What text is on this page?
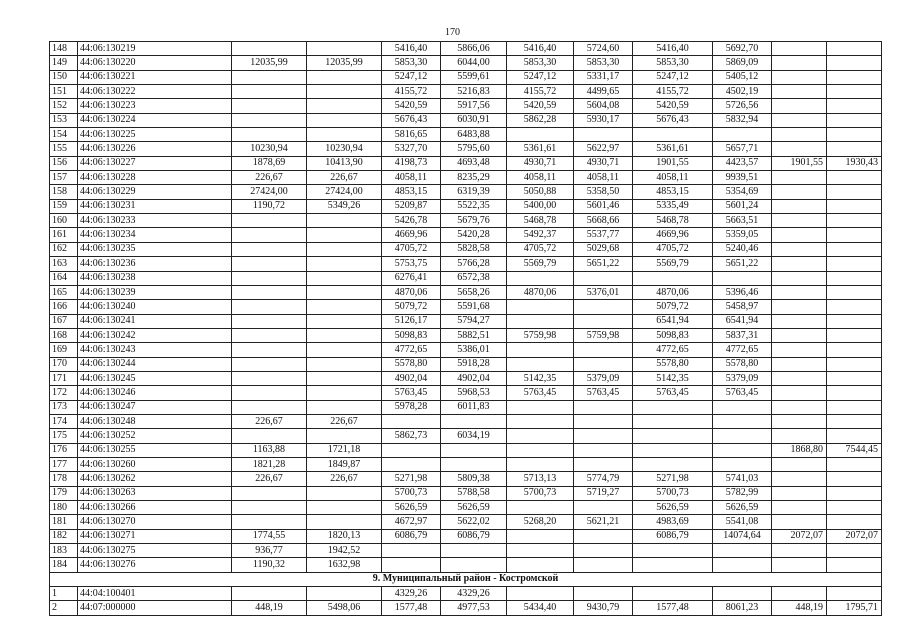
170
148	44:06:130219			5416,40	5866,06	5416,40	5724,60	5416,40	5692,70		
149	44:06:130220	12035,99	12035,99	5853,30	6044,00	5853,30	5853,30	5853,30	5869,09		
150	44:06:130221			5247,12	5599,61	5247,12	5331,17	5247,12	5405,12		
151	44:06:130222			4155,72	5216,83	4155,72	4499,65	4155,72	4502,19		
152	44:06:130223			5420,59	5917,56	5420,59	5604,08	5420,59	5726,56		
153	44:06:130224			5676,43	6030,91	5862,28	5930,17	5676,43	5832,94		
154	44:06:130225			5816,65	6483,88						
155	44:06:130226	10230,94	10230,94	5327,70	5795,60	5361,61	5622,97	5361,61	5657,71		
156	44:06:130227	1878,69	10413,90	4198,73	4693,48	4930,71	4930,71	1901,55	4423,57	1901,55	1930,43
157	44:06:130228	226,67	226,67	4058,11	8235,29	4058,11	4058,11	4058,11	9939,51		
158	44:06:130229	27424,00	27424,00	4853,15	6319,39	5050,88	5358,50	4853,15	5354,69		
159	44:06:130231	1190,72	5349,26	5209,87	5522,35	5400,00	5601,46	5335,49	5601,24		
160	44:06:130233			5426,78	5679,76	5468,78	5668,66	5468,78	5663,51		
161	44:06:130234			4669,96	5420,28	5492,37	5537,77	4669,96	5359,05		
162	44:06:130235			4705,72	5828,58	4705,72	5029,68	4705,72	5240,46		
163	44:06:130236			5753,75	5766,28	5569,79	5651,22	5569,79	5651,22		
164	44:06:130238			6276,41	6572,38						
165	44:06:130239			4870,06	5658,26	4870,06	5376,01	4870,06	5396,46		
166	44:06:130240			5079,72	5591,68			5079,72	5458,97		
167	44:06:130241			5126,17	5794,27			6541,94	6541,94		
168	44:06:130242			5098,83	5882,51	5759,98	5759,98	5098,83	5837,31		
169	44:06:130243			4772,65	5386,01			4772,65	4772,65		
170	44:06:130244			5578,80	5918,28			5578,80	5578,80		
171	44:06:130245			4902,04	4902,04	5142,35	5379,09	5142,35	5379,09		
172	44:06:130246			5763,45	5968,53	5763,45	5763,45	5763,45	5763,45		
173	44:06:130247			5978,28	6011,83						
174	44:06:130248	226,67	226,67								
175	44:06:130252			5862,73	6034,19						
176	44:06:130255	1163,88	1721,18							1868,80	7544,45
177	44:06:130260	1821,28	1849,87								
178	44:06:130262	226,67	226,67	5271,98	5809,38	5713,13	5774,79	5271,98	5741,03		
179	44:06:130263			5700,73	5788,58	5700,73	5719,27	5700,73	5782,99		
180	44:06:130266			5626,59	5626,59			5626,59	5626,59		
181	44:06:130270			4672,97	5622,02	5268,20	5621,21	4983,69	5541,08		
182	44:06:130271	1774,55	1820,13	6086,79	6086,79			6086,79	14074,64	2072,07	2072,07
183	44:06:130275	936,77	1942,52								
184	44:06:130276	1190,32	1632,98								
9. Муниципальный район - Костромской											
1	44:04:100401			4329,26	4329,26						
2	44:07:000000	448,19	5498,06	1577,48	4977,53	5434,40	9430,79	1577,48	8061,23	448,19	1795,71
